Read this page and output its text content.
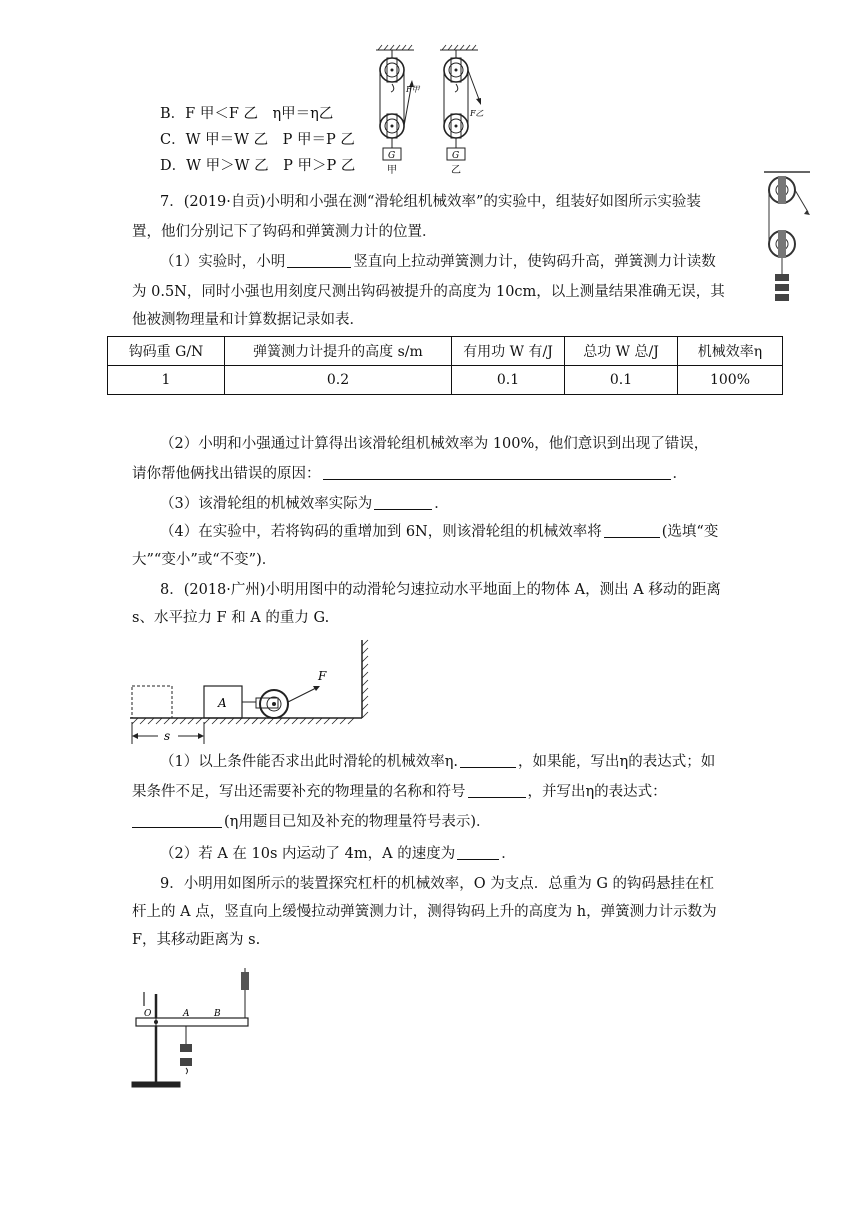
F甲
F乙
G	G
甲	乙
B．F 甲＜F 乙　η甲＝η乙
C．W 甲＝W 乙　P 甲＝P 乙
D．W 甲＞W 乙　P 甲＞P 乙
7．(2019·自贡)小明和小强在测“滑轮组机械效率”的实验中，组装好如图所示实验装
置，他们分别记下了钩码和弹簧测力计的位置．
（1）实验时，小明	竖直向上拉动弹簧测力计，使钩码升高，弹簧测力计读数
为 0.5N，同时小强也用刻度尺测出钩码被提升的高度为 10cm，以上测量结果准确无误，其
他被测物理量和计算数据记录如表．
钩码重 G/N	弹簧测力计提升的高度 s/m	有用功 W 有/J	总功 W 总/J	机械效率η
1	0.2	0.1	0.1	100%
（2）小明和小强通过计算得出该滑轮组机械效率为 100%，他们意识到出现了错误，
请你帮他俩找出错误的原因：	．
（3）该滑轮组的机械效率实际为	．
（4）在实验中，若将钩码的重增加到 6N，则该滑轮组的机械效率将	(选填“变
大”“变小”或“不变”)．
8．(2018·广州)小明用图中的动滑轮匀速拉动水平地面上的物体 A，测出 A 移动的距离
s、水平拉力 F 和 A 的重力 G.
A
F
s
（1）以上条件能否求出此时滑轮的机械效率η.	，如果能，写出η的表达式；如
果条件不足，写出还需要补充的物理量的名称和符号	，并写出η的表达式：
(η用题目已知及补充的物理量符号表示)．
（2）若 A 在 10s 内运动了 4m，A 的速度为	．
9．小明用如图所示的装置探究杠杆的机械效率，O 为支点．总重为 G 的钩码悬挂在杠
杆上的 A 点，竖直向上缓慢拉动弹簧测力计，测得钩码上升的高度为 h，弹簧测力计示数为
F，其移动距离为 s.
O	A	B
